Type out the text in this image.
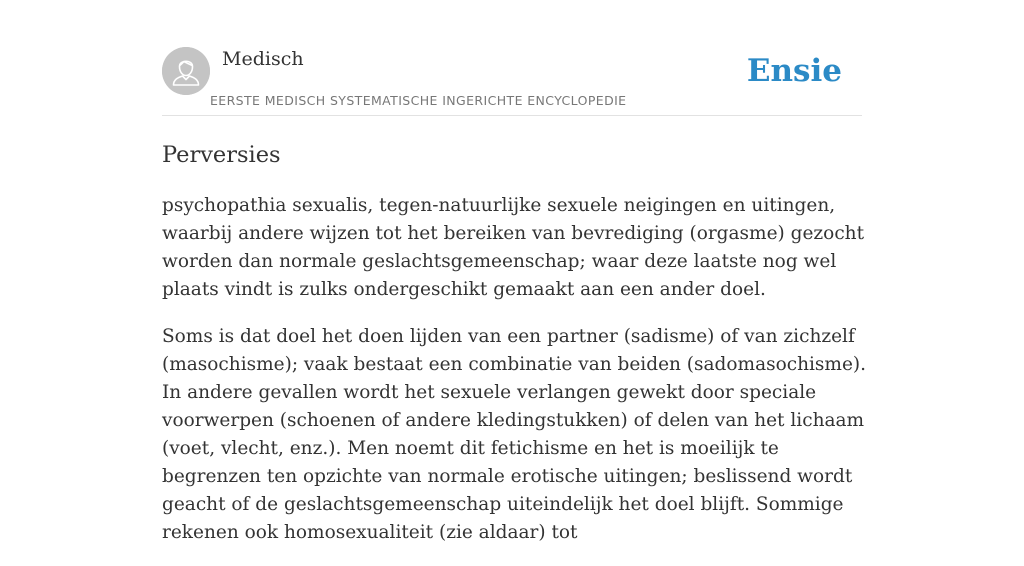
Medisch
EERSTE MEDISCH SYSTEMATISCHE INGERICHTE ENCYCLOPEDIE
Ensie
Perversies

psychopathia sexualis, tegen-natuurlijke sexuele neigingen en uitingen, waarbij andere wijzen tot het bereiken van bevrediging (orgasme) gezocht worden dan normale geslachtsgemeenschap; waar deze laatste nog wel plaats vindt is zulks ondergeschikt gemaakt aan een ander doel.

Soms is dat doel het doen lijden van een partner (sadisme) of van zichzelf (masochisme); vaak bestaat een combinatie van beiden (sadomasochisme). In andere gevallen wordt het sexuele verlangen gewekt door speciale voorwerpen (schoenen of andere kledingstukken) of delen van het lichaam (voet, vlecht, enz.). Men noemt dit fetichisme en het is moeilijk te begrenzen ten opzichte van normale erotische uitingen; beslissend wordt geacht of de geslachtsgemeenschap uiteindelijk het doel blijft. Sommige rekenen ook homosexualiteit (zie aldaar) tot
